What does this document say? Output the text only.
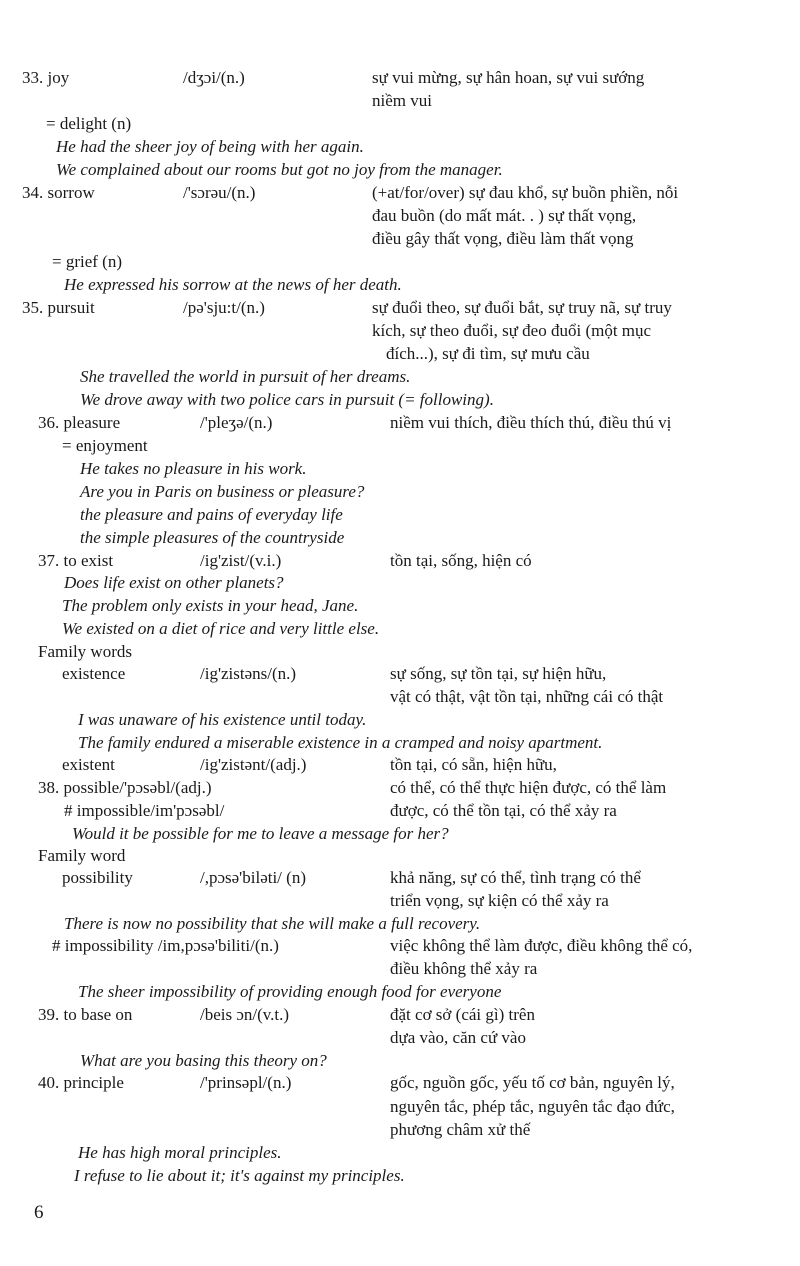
33. joy	/dʒɔi/(n.)	sự vui mừng, sự hân hoan, sự vui sướng
niềm vui
= delight (n)
He had the sheer joy of being with her again.
We complained about our rooms but got no joy from the manager.
34. sorrow	/'sɔrəu/(n.)	(+at/for/over) sự đau khổ, sự buồn phiền, nỗi
đau buồn (do mất mát. . ) sự thất vọng,
điều gây thất vọng, điều làm thất vọng
= grief (n)
He expressed his sorrow at the news of her death.
35. pursuit	/pə'sju:t/(n.)	sự đuổi theo, sự đuổi bắt, sự truy nã, sự truy
kích, sự theo đuổi, sự đeo đuổi (một mục
đích...), sự đi tìm, sự mưu cầu
She travelled the world in pursuit of her dreams.
We drove away with two police cars in pursuit (= following).
36. pleasure	/'pleʒə/(n.)	niềm vui thích, điều thích thú, điều thú vị
= enjoyment
He takes no pleasure in his work.
Are you in Paris on business or pleasure?
the pleasure and pains of everyday life
the simple pleasures of the countryside
37. to exist	/ig'zist/(v.i.)	tồn tại, sống, hiện có
Does life exist on other planets?
The problem only exists in your head, Jane.
We existed on a diet of rice and very little else.
Family words
existence	/ig'zistəns/(n.)	sự sống, sự tồn tại, sự hiện hữu,
vật có thật, vật tồn tại, những cái có thật
I was unaware of his existence until today.
The family endured a miserable existence in a cramped and noisy apartment.
existent	/ig'zistənt/(adj.)	tồn tại, có sẵn, hiện hữu,
38. possible/'pɔsəbl/(adj.)	có thể, có thể thực hiện được, có thể làm
# impossible/im'pɔsəbl/	được, có thể tồn tại, có thể xảy ra
Would it be possible for me to leave a message for her?
Family word
possibility	/,pɔsə'biləti/ (n)	khả năng, sự có thể, tình trạng có thể
triển vọng, sự kiện có thể xảy ra
There is now no possibility that she will make a full recovery.
# impossibility /im,pɔsə'biliti/(n.)	việc không thể làm được, điều không thể có,
điều không thể xảy ra
The sheer impossibility of providing enough food for everyone
39. to base on	/beis ɔn/(v.t.)	đặt cơ sở (cái gì) trên
dựa vào, căn cứ vào
What are you basing this theory on?
40. principle	/'prinsəpl/(n.)	gốc, nguồn gốc, yếu tố cơ bản, nguyên lý,
nguyên tắc, phép tắc, nguyên tắc đạo đức,
phương châm xử thế
He has high moral principles.
I refuse to lie about it; it's against my principles.
6
